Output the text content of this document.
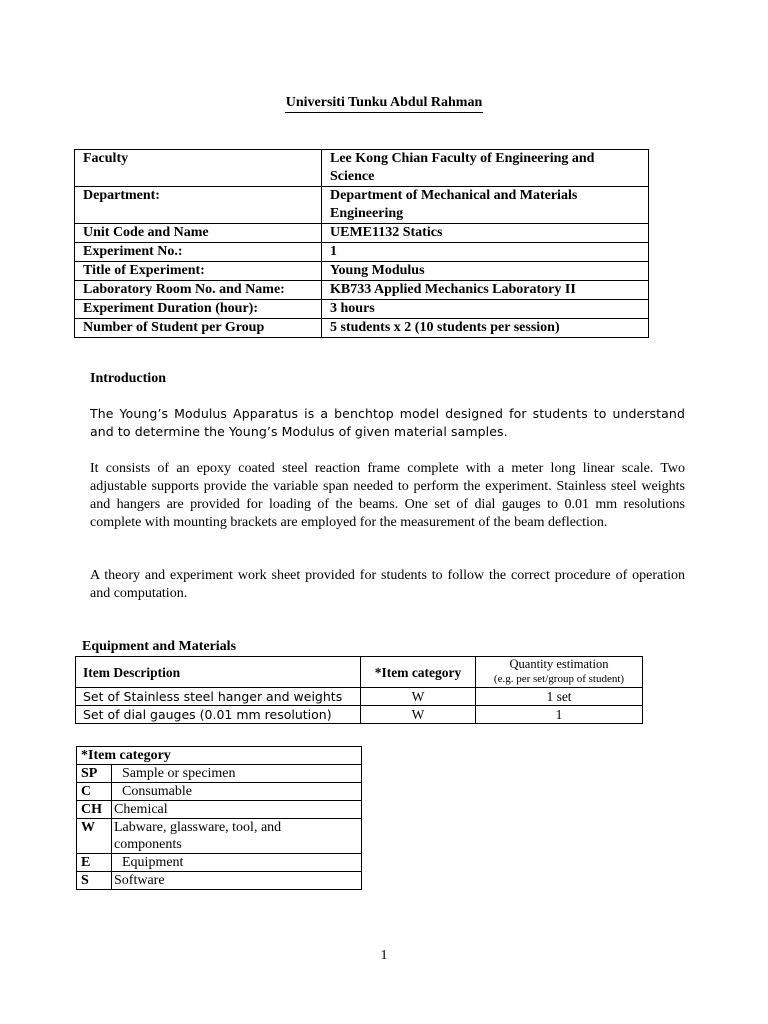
Universiti Tunku Abdul Rahman
Faculty	Lee Kong Chian Faculty of Engineering and Science
Department:	Department of Mechanical and Materials Engineering
Unit Code and Name	UEME1132 Statics
Experiment No.:	1
Title of Experiment:	Young Modulus
Laboratory Room No. and Name:	KB733 Applied Mechanics Laboratory II
Experiment Duration (hour):	3 hours
Number of Student per Group	5 students x 2 (10 students per session)
Introduction
The Young’s Modulus Apparatus is a benchtop model designed for students to understand and to determine the Young’s Modulus of given material samples.
It consists of an epoxy coated steel reaction frame complete with a meter long linear scale. Two adjustable supports provide the variable span needed to perform the experiment. Stainless steel weights and hangers are provided for loading of the beams. One set of dial gauges to 0.01 mm resolutions complete with mounting brackets are employed for the measurement of the beam deflection.
A theory and experiment work sheet provided for students to follow the correct procedure of operation and computation.
Equipment and Materials
Item Description	*Item category	Quantity estimation
(e.g. per set/group of student)

Set of Stainless steel hanger and weights	W	1 set
Set of dial gauges (0.01 mm resolution)	W	1
*Item category	
SP	Sample or specimen
C	Consumable
CH	Chemical
W	Labware, glassware, tool, and components
E	Equipment
S	Software
1
